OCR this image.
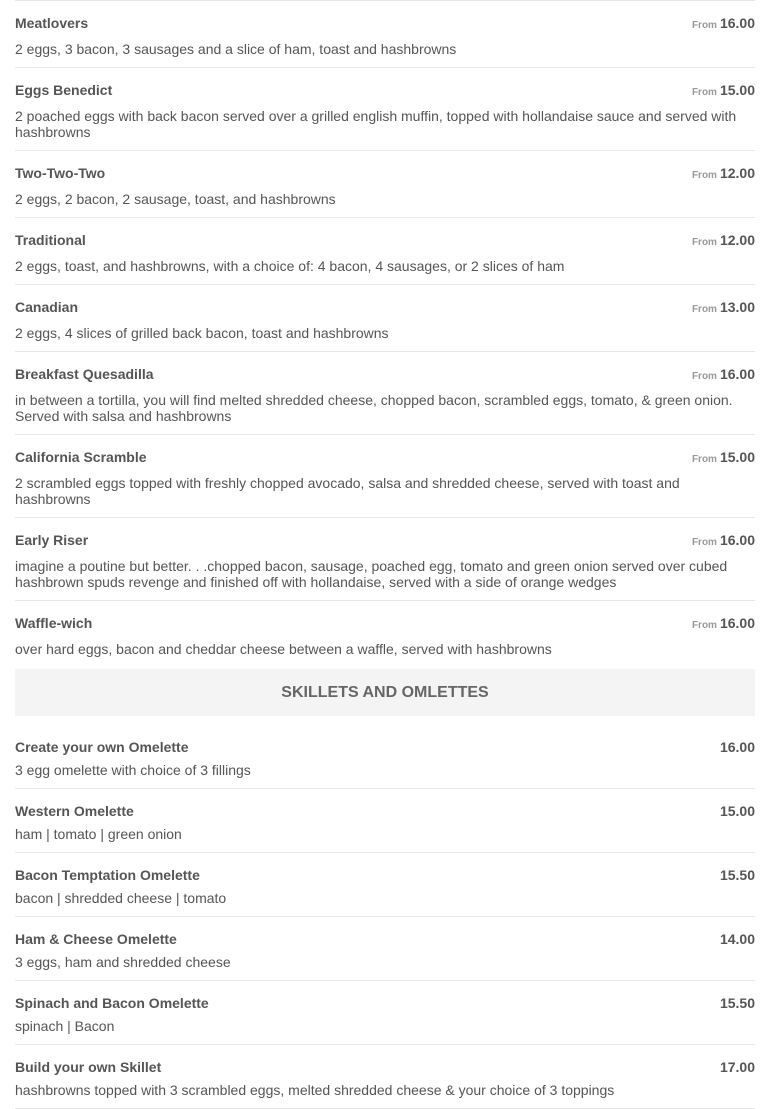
Meatlovers	From 16.00
2 eggs, 3 bacon, 3 sausages and a slice of ham, toast and hashbrowns
Eggs Benedict	From 15.00
2 poached eggs with back bacon served over a grilled english muffin, topped with hollandaise sauce and served with hashbrowns
Two-Two-Two	From 12.00
2 eggs, 2 bacon, 2 sausage, toast, and hashbrowns
Traditional	From 12.00
2 eggs, toast, and hashbrowns, with a choice of: 4 bacon, 4 sausages, or 2 slices of ham
Canadian	From 13.00
2 eggs, 4 slices of grilled back bacon, toast and hashbrowns
Breakfast Quesadilla	From 16.00
in between a tortilla, you will find melted shredded cheese, chopped bacon, scrambled eggs, tomato, & green onion. Served with salsa and hashbrowns
California Scramble	From 15.00
2 scrambled eggs topped with freshly chopped avocado, salsa and shredded cheese, served with toast and hashbrowns
Early Riser	From 16.00
imagine a poutine but better. . .chopped bacon, sausage, poached egg, tomato and green onion served over cubed hashbrown spuds revenge and finished off with hollandaise, served with a side of orange wedges
Waffle-wich	From 16.00
over hard eggs, bacon and cheddar cheese between a waffle, served with hashbrowns
SKILLETS AND OMLETTES
Create your own Omelette	16.00
3 egg omelette with choice of 3 fillings
Western Omelette	15.00
ham | tomato | green onion
Bacon Temptation Omelette	15.50
bacon | shredded cheese | tomato
Ham & Cheese Omelette	14.00
3 eggs, ham and shredded cheese
Spinach and Bacon Omelette	15.50
spinach | Bacon
Build your own Skillet	17.00
hashbrowns topped with 3 scrambled eggs, melted shredded cheese & your choice of 3 toppings
